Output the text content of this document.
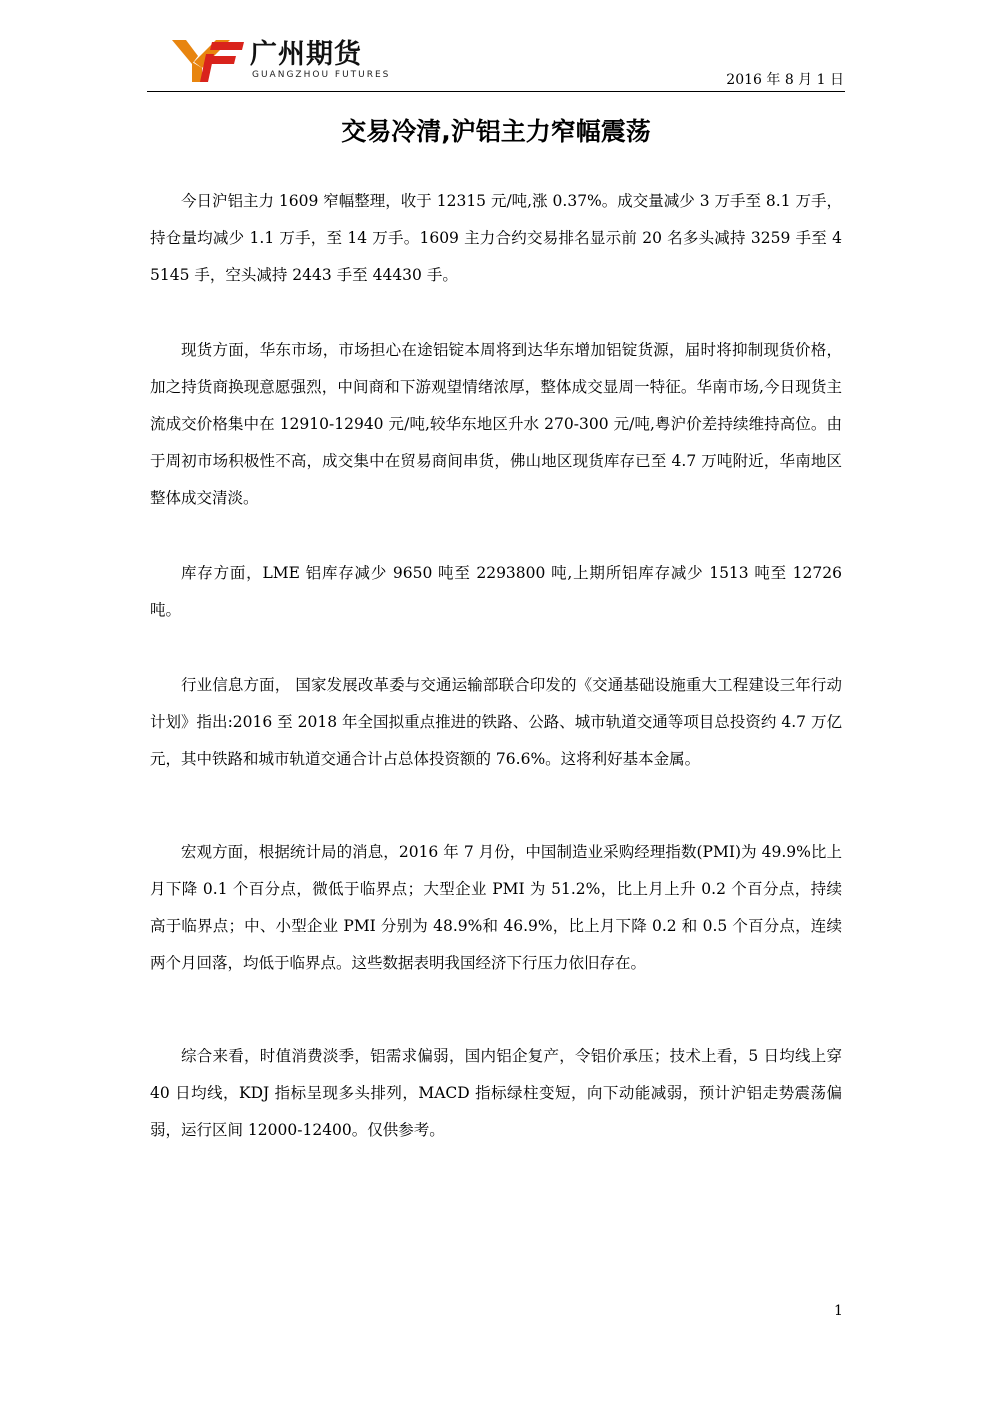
广州期货
GUANGZHOU FUTURES	2016 年 8 月 1 日
交易冷清,沪铝主力窄幅震荡

今日沪铝主力 1609 窄幅整理，收于 12315 元/吨,涨 0.37%。成交量减少 3 万手至 8.1 万手，持仓量均减少 1.1 万手，至 14 万手。1609 主力合约交易排名显示前 20 名多头减持 3259 手至 45145 手，空头减持 2443 手至 44430 手。

现货方面，华东市场，市场担心在途铝锭本周将到达华东增加铝锭货源，届时将抑制现货价格，加之持货商换现意愿强烈，中间商和下游观望情绪浓厚，整体成交显周一特征。华南市场,今日现货主流成交价格集中在 12910-12940 元/吨,较华东地区升水 270-300 元/吨,粤沪价差持续维持高位。由于周初市场积极性不高，成交集中在贸易商间串货，佛山地区现货库存已至 4.7 万吨附近，华南地区整体成交清淡。

库存方面，LME 铝库存减少 9650 吨至 2293800 吨,上期所铝库存减少 1513 吨至 12726 吨。

行业信息方面， 国家发展改革委与交通运输部联合印发的《交通基础设施重大工程建设三年行动计划》指出:2016 至 2018 年全国拟重点推进的铁路、公路、城市轨道交通等项目总投资约 4.7 万亿元，其中铁路和城市轨道交通合计占总体投资额的 76.6%。这将利好基本金属。

宏观方面，根据统计局的消息，2016 年 7 月份，中国制造业采购经理指数(PMI)为 49.9%比上月下降 0.1 个百分点，微低于临界点；大型企业 PMI 为 51.2%，比上月上升 0.2 个百分点，持续高于临界点；中、小型企业 PMI 分别为 48.9%和 46.9%，比上月下降 0.2 和 0.5 个百分点，连续两个月回落，均低于临界点。这些数据表明我国经济下行压力依旧存在。

综合来看，时值消费淡季，铝需求偏弱，国内铝企复产，令铝价承压；技术上看，5 日均线上穿 40 日均线，KDJ 指标呈现多头排列，MACD 指标绿柱变短，向下动能减弱，预计沪铝走势震荡偏弱，运行区间 12000-12400。仅供参考。

1
